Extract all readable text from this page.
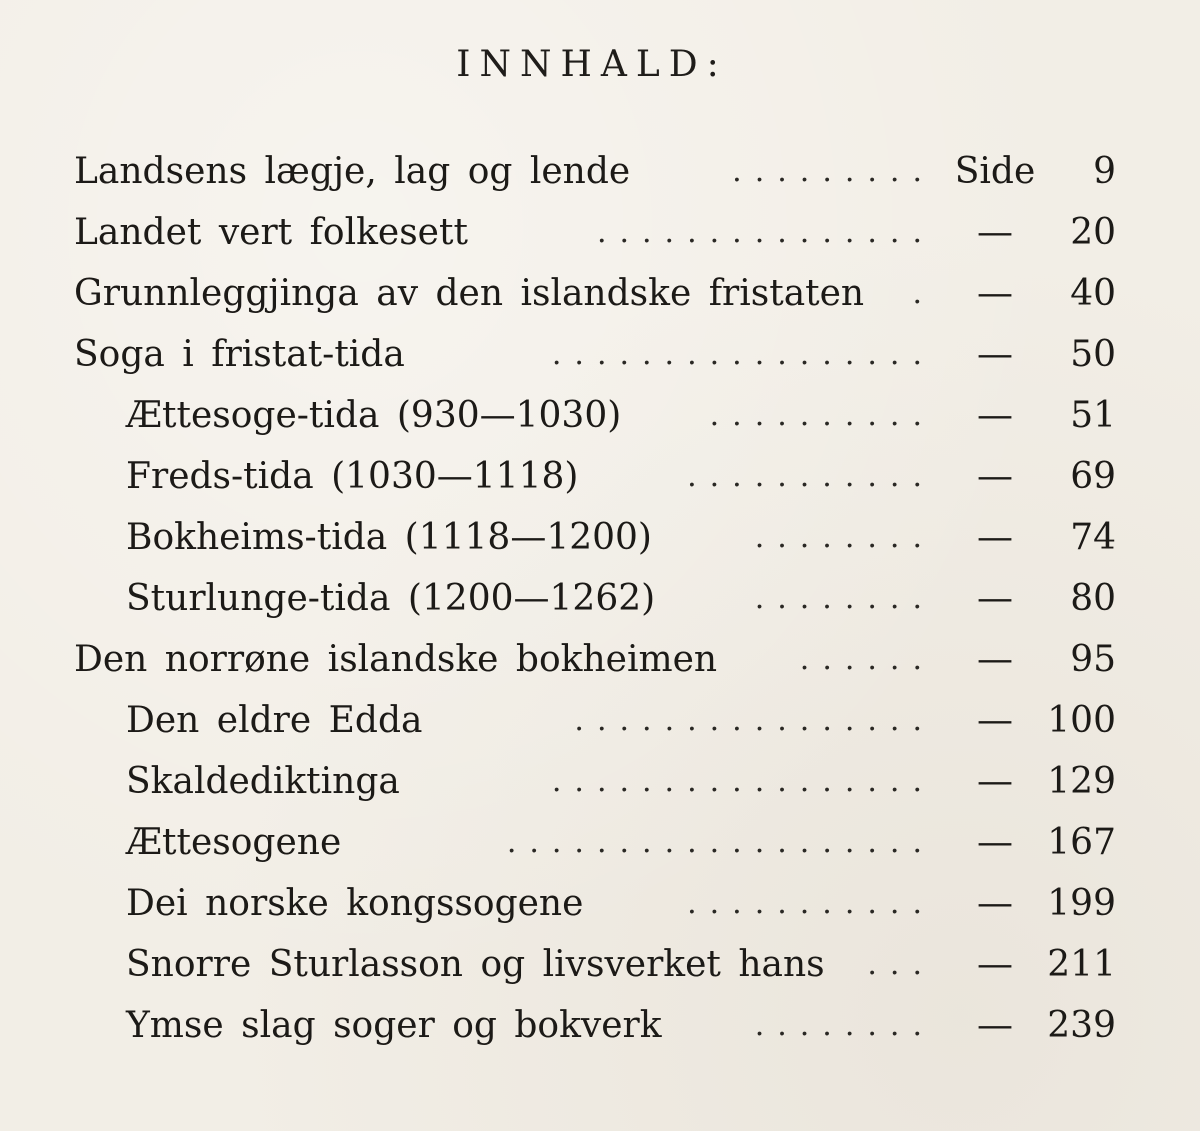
INNHALD:
Landsens lægje, lag og lende	......... Side	9
Landet vert folkesett	...............	—	20
Grunnleggjinga av den islandske fristaten	.	—	40
Soga i fristat-tida	.................	—	50
Ættesoge-tida (930—1030)	..........	—	51
Freds-tida (1030—1118)	...........	—	69
Bokheims-tida (1118—1200)	........	—	74
Sturlunge-tida (1200—1262)	........	—	80
Den norrøne islandske bokheimen	......	—	95
Den eldre Edda	................	— 100
Skaldediktinga	.................	— 129
Ættesogene	...................	— 167
Dei norske kongssogene	...........	— 199
Snorre Sturlasson og livsverket hans	...	— 211
Ymse slag soger og bokverk	........	— 239
